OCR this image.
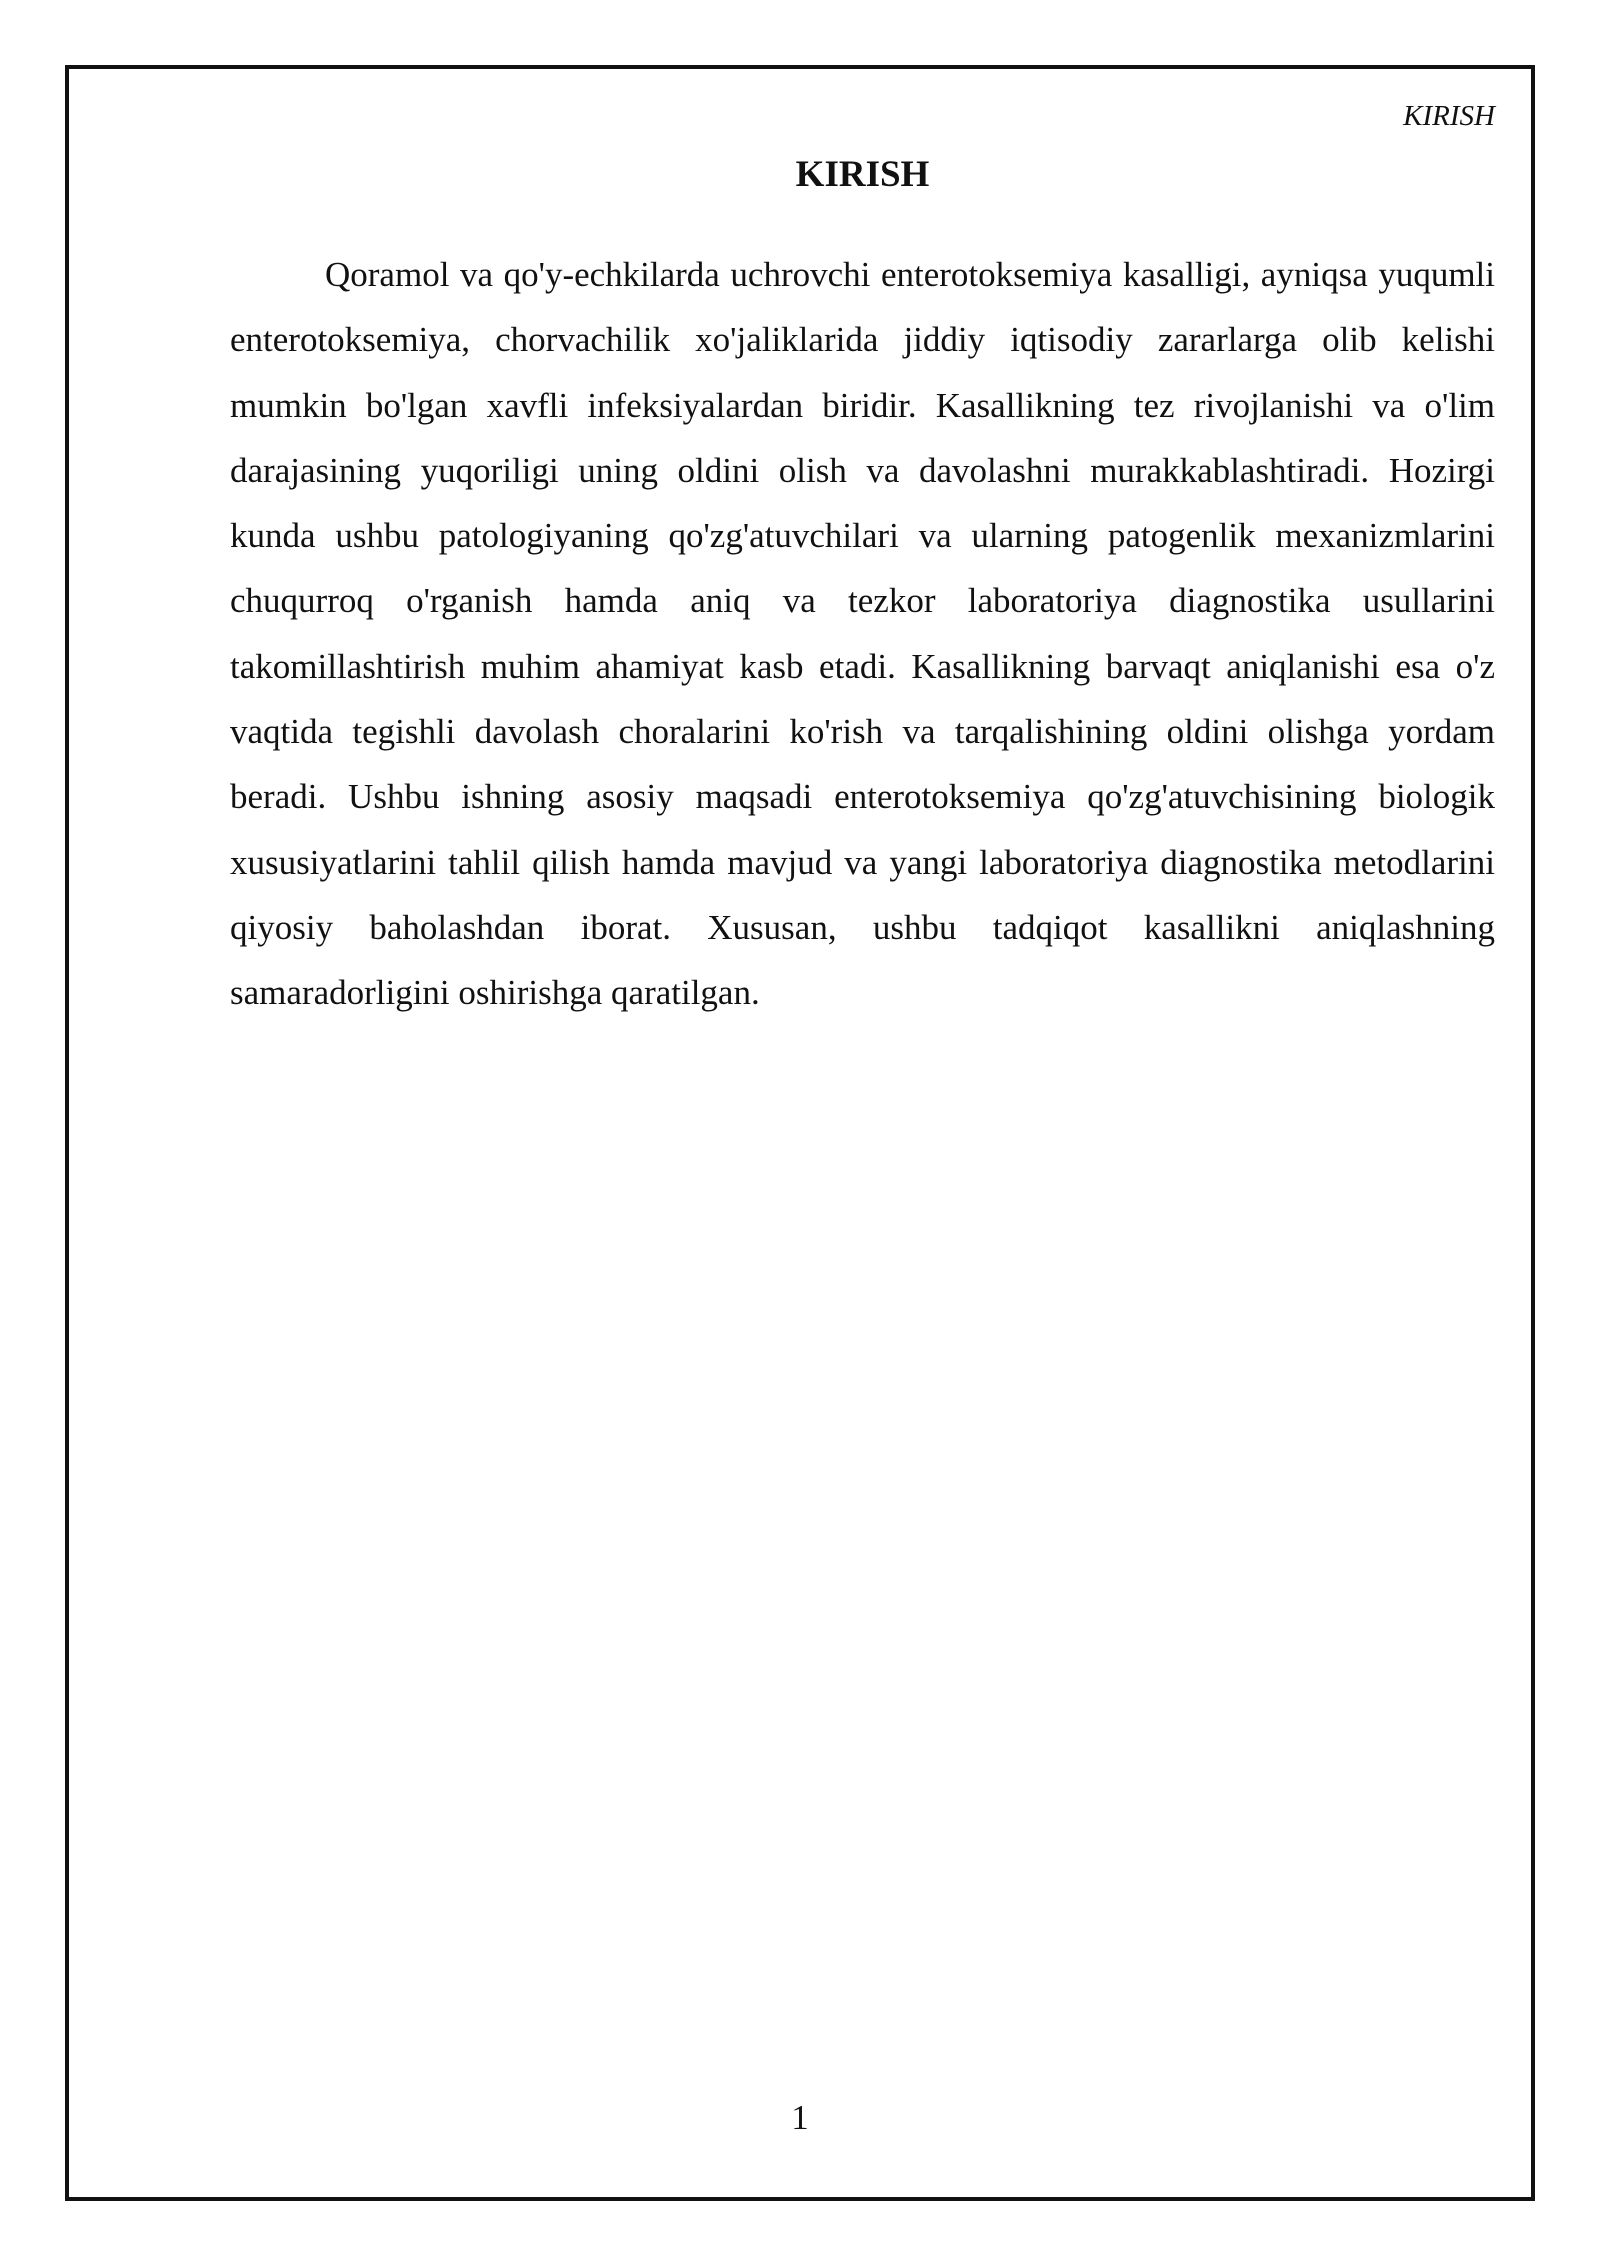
KIRISH
KIRISH

Qoramol va qo'y-echkilarda uchrovchi enterotoksemiya kasalligi, ayniqsa yuqumli enterotoksemiya, chorvachilik xo'jaliklarida jiddiy iqtisodiy zararlarga olib kelishi mumkin bo'lgan xavfli infeksiyalardan biridir. Kasallikning tez rivojlanishi va o'lim darajasining yuqoriligi uning oldini olish va davolashni murakkablashtiradi. Hozirgi kunda ushbu patologiyaning qo'zg'atuvchilari va ularning patogenlik mexanizmlarini chuqurroq o'rganish hamda aniq va tezkor laboratoriya diagnostika usullarini takomillashtirish muhim ahamiyat kasb etadi. Kasallikning barvaqt aniqlanishi esa o'z vaqtida tegishli davolash choralarini ko'rish va tarqalishining oldini olishga yordam beradi. Ushbu ishning asosiy maqsadi enterotoksemiya qo'zg'atuvchisining biologik xususiyatlarini tahlil qilish hamda mavjud va yangi laboratoriya diagnostika metodlarini qiyosiy baholashdan iborat. Xususan, ushbu tadqiqot kasallikni aniqlashning samaradorligini oshirishga qaratilgan.

1
